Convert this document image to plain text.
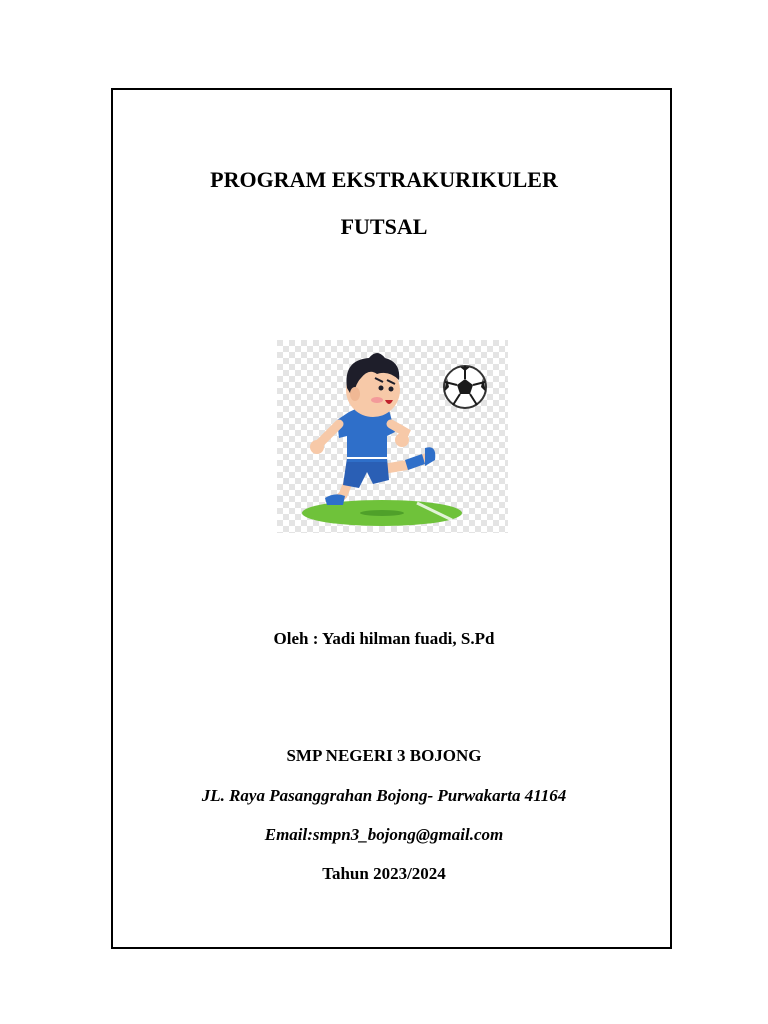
PROGRAM EKSTRAKURIKULER
FUTSAL
Oleh : Yadi hilman fuadi, S.Pd
SMP NEGERI 3 BOJONG
JL. Raya Pasanggrahan Bojong- Purwakarta 41164
Email:smpn3_bojong@gmail.com
Tahun 2023/2024
